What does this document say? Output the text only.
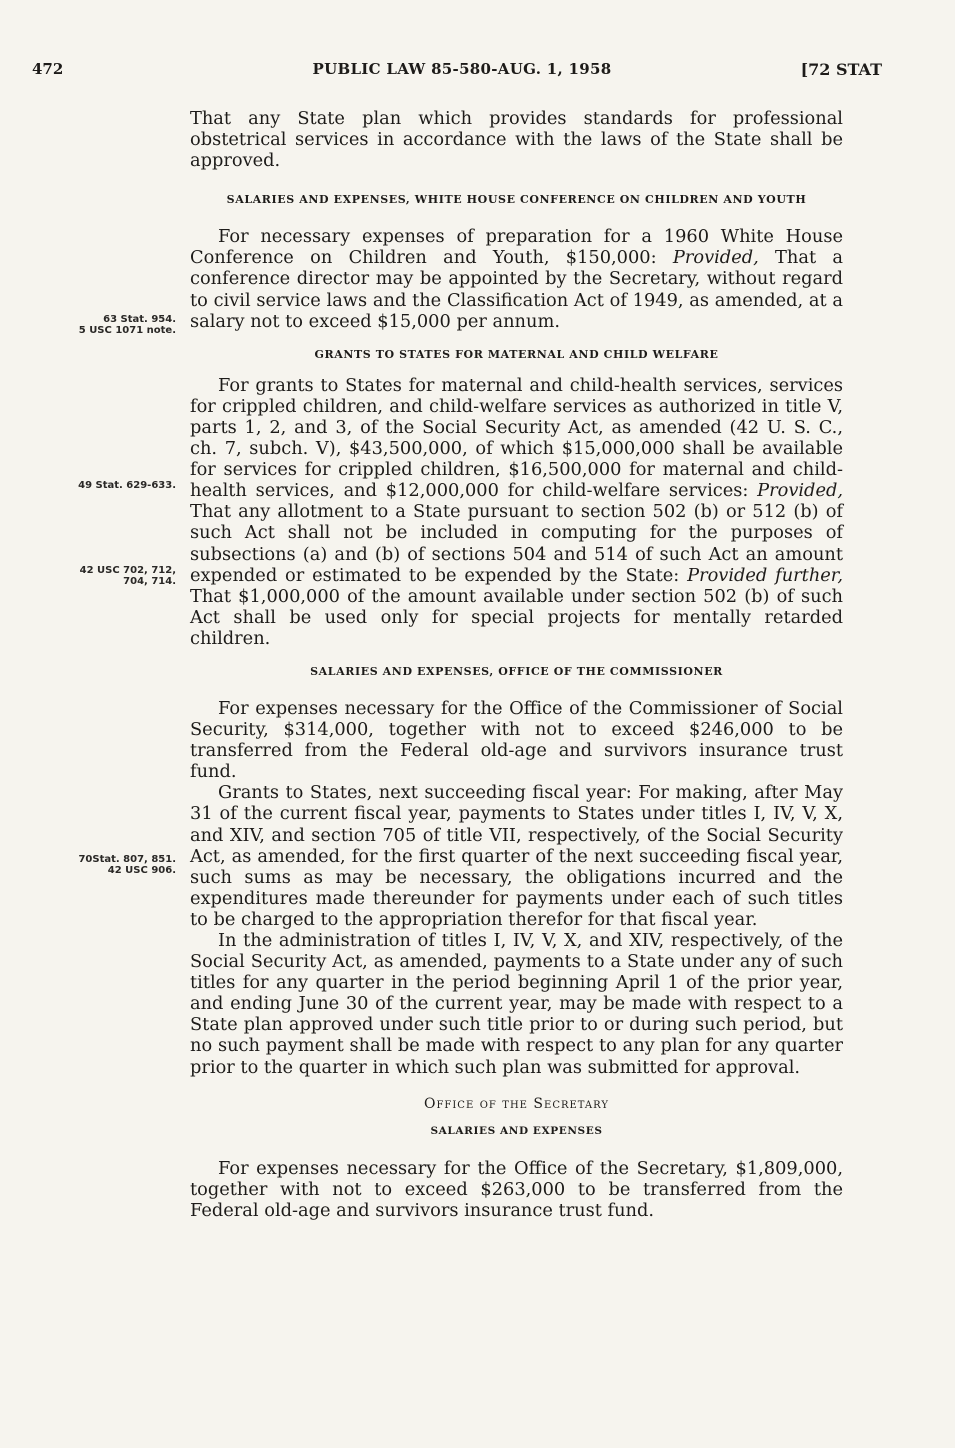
472	PUBLIC LAW 85-580-AUG. 1, 1958	[72 STAT
63 Stat. 954.
5 USC 1071 note.
49 Stat. 629-633.
42 USC 702, 712,
704, 714.
70Stat. 807, 851.
42 USC 906.

That any State plan which provides standards for professional obstetrical services in accordance with the laws of the State shall be approved.

SALARIES AND EXPENSES, WHITE HOUSE CONFERENCE ON CHILDREN AND YOUTH

For necessary expenses of preparation for a 1960 White House Conference on Children and Youth, $150,000: Provided, That a conference director may be appointed by the Secretary, without regard to civil service laws and the Classification Act of 1949, as amended, at a salary not to exceed $15,000 per annum.

GRANTS TO STATES FOR MATERNAL AND CHILD WELFARE

For grants to States for maternal and child-health services, services for crippled children, and child-welfare services as authorized in title V, parts 1, 2, and 3, of the Social Security Act, as amended (42 U. S. C., ch. 7, subch. V), $43,500,000, of which $15,000,000 shall be available for services for crippled children, $16,500,000 for maternal and child-health services, and $12,000,000 for child-welfare services: Provided, That any allotment to a State pursuant to section 502 (b) or 512 (b) of such Act shall not be included in computing for the purposes of subsections (a) and (b) of sections 504 and 514 of such Act an amount expended or estimated to be expended by the State: Provided further, That $1,000,000 of the amount available under section 502 (b) of such Act shall be used only for special projects for mentally retarded children.

SALARIES AND EXPENSES, OFFICE OF THE COMMISSIONER

For expenses necessary for the Office of the Commissioner of Social Security, $314,000, together with not to exceed $246,000 to be transferred from the Federal old-age and survivors insurance trust fund.

Grants to States, next succeeding fiscal year: For making, after May 31 of the current fiscal year, payments to States under titles I, IV, V, X, and XIV, and section 705 of title VII, respectively, of the Social Security Act, as amended, for the first quarter of the next succeeding fiscal year, such sums as may be necessary, the obligations incurred and the expenditures made thereunder for payments under each of such titles to be charged to the appropriation therefor for that fiscal year.

In the administration of titles I, IV, V, X, and XIV, respectively, of the Social Security Act, as amended, payments to a State under any of such titles for any quarter in the period beginning April 1 of the prior year, and ending June 30 of the current year, may be made with respect to a State plan approved under such title prior to or during such period, but no such payment shall be made with respect to any plan for any quarter prior to the quarter in which such plan was submitted for approval.

Office of the Secretary
SALARIES AND EXPENSES

For expenses necessary for the Office of the Secretary, $1,809,000, together with not to exceed $263,000 to be transferred from the Federal old-age and survivors insurance trust fund.
